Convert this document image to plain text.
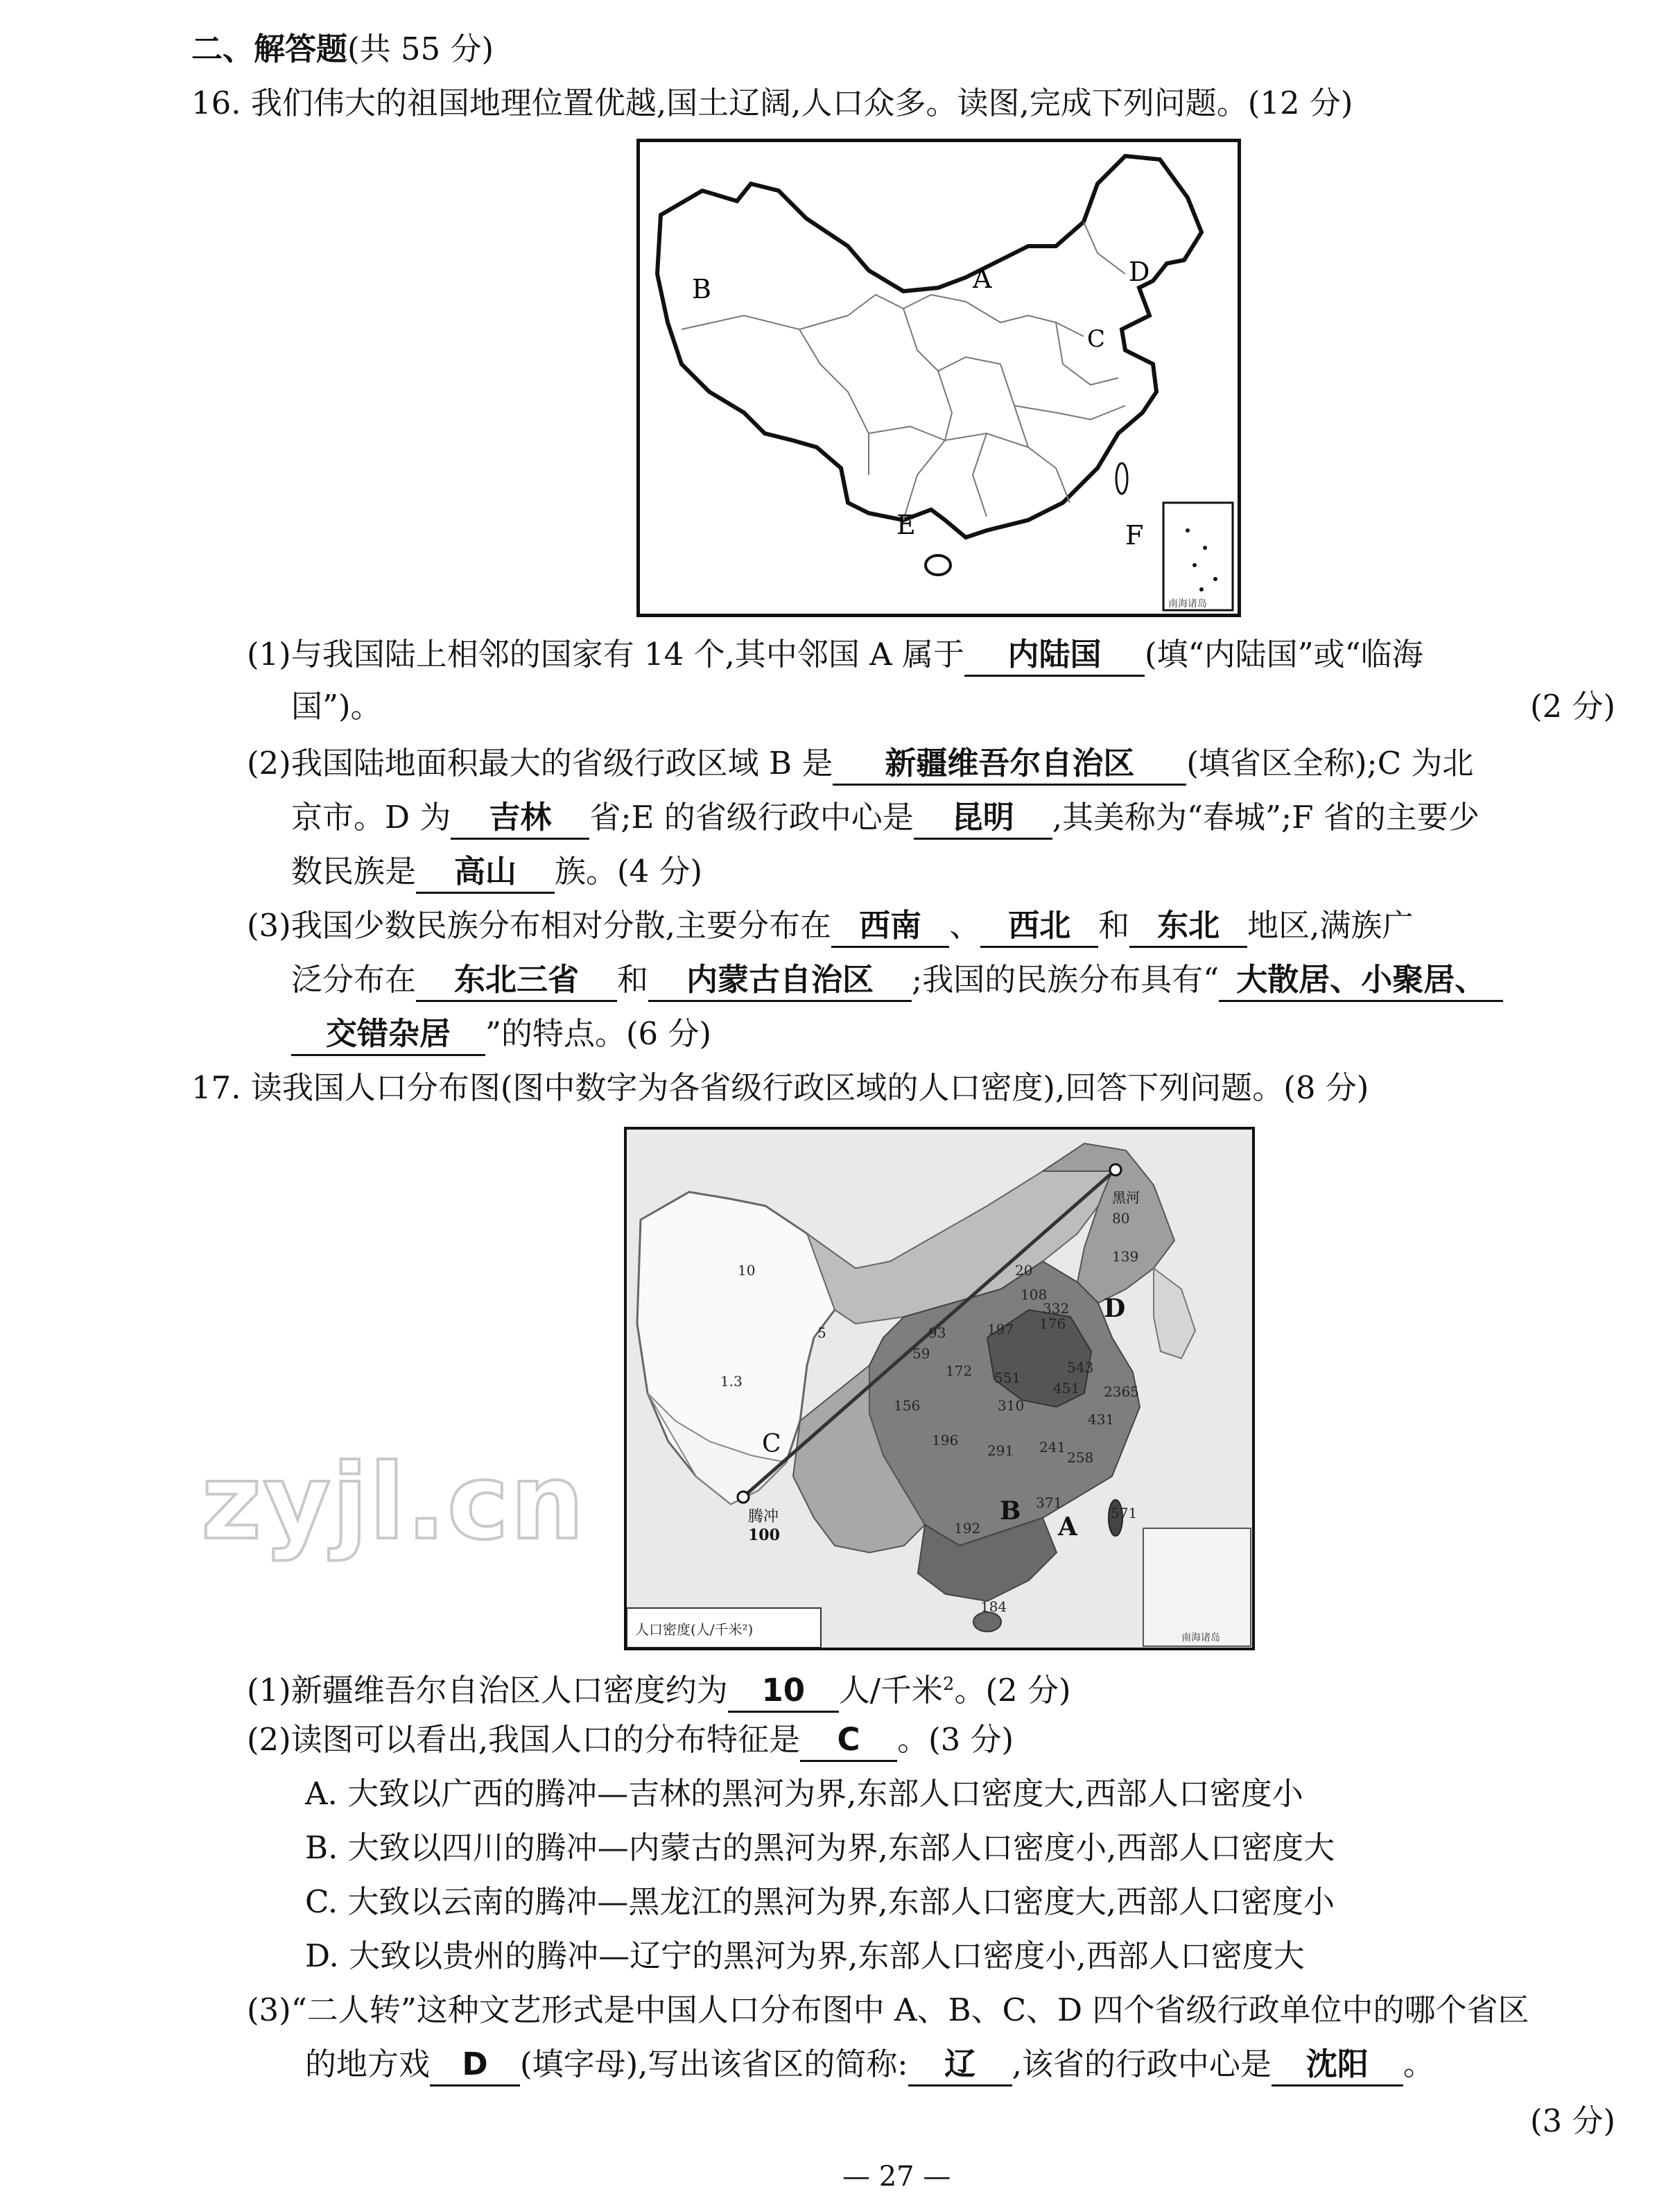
二、解答题(共 55 分)
16. 我们伟大的祖国地理位置优越,国土辽阔,人口众多。读图,完成下列问题。(12 分)
南海诸岛
A
B
C
D
E	F
(1)与我国陆上相邻的国家有 14 个,其中邻国 A 属于 内陆国 (填“内陆国”或“临海
国”)。	(2 分)
(2)我国陆地面积最大的省级行政区域 B 是 新疆维吾尔自治区 (填省区全称);C 为北
京市。D 为 吉林 省;E 的省级行政中心是 昆明 ,其美称为“春城”;F 省的主要少
数民族是 高山 族。(4 分)
(3)我国少数民族分布相对分散,主要分布在 西南 、 西北 和 东北 地区,满族广
泛分布在 东北三省 和 内蒙古自治区 ;我国的民族分布具有“ 大散居、小聚居、
交错杂居 ”的特点。(6 分)
17. 读我国人口分布图(图中数字为各省级行政区域的人口密度),回答下列问题。(8 分)
南海诸岛
人口密度(人/千米²)
黑河
腾冲
100	A
B
C
D
80
139
20
10
5
1.3
93
59
197
332
172
156	310
451 2365
431
196
291 241
258
571
371
192
184
108
176
551
543
(1)新疆维吾尔自治区人口密度约为 10 人/千米$^2$。(2 分)
(2)读图可以看出,我国人口的分布特征是 C 。(3 分)
A. 大致以广西的腾冲—吉林的黑河为界,东部人口密度大,西部人口密度小
B. 大致以四川的腾冲—内蒙古的黑河为界,东部人口密度小,西部人口密度大
C. 大致以云南的腾冲—黑龙江的黑河为界,东部人口密度大,西部人口密度小
D. 大致以贵州的腾冲—辽宁的黑河为界,东部人口密度小,西部人口密度大
(3)“二人转”这种文艺形式是中国人口分布图中 A、B、C、D 四个省级行政单位中的哪个省区
的地方戏 D (填字母),写出该省区的简称: 辽 ,该省的行政中心是 沈阳 。
(3 分)
zyjl.cn
— 27 —
